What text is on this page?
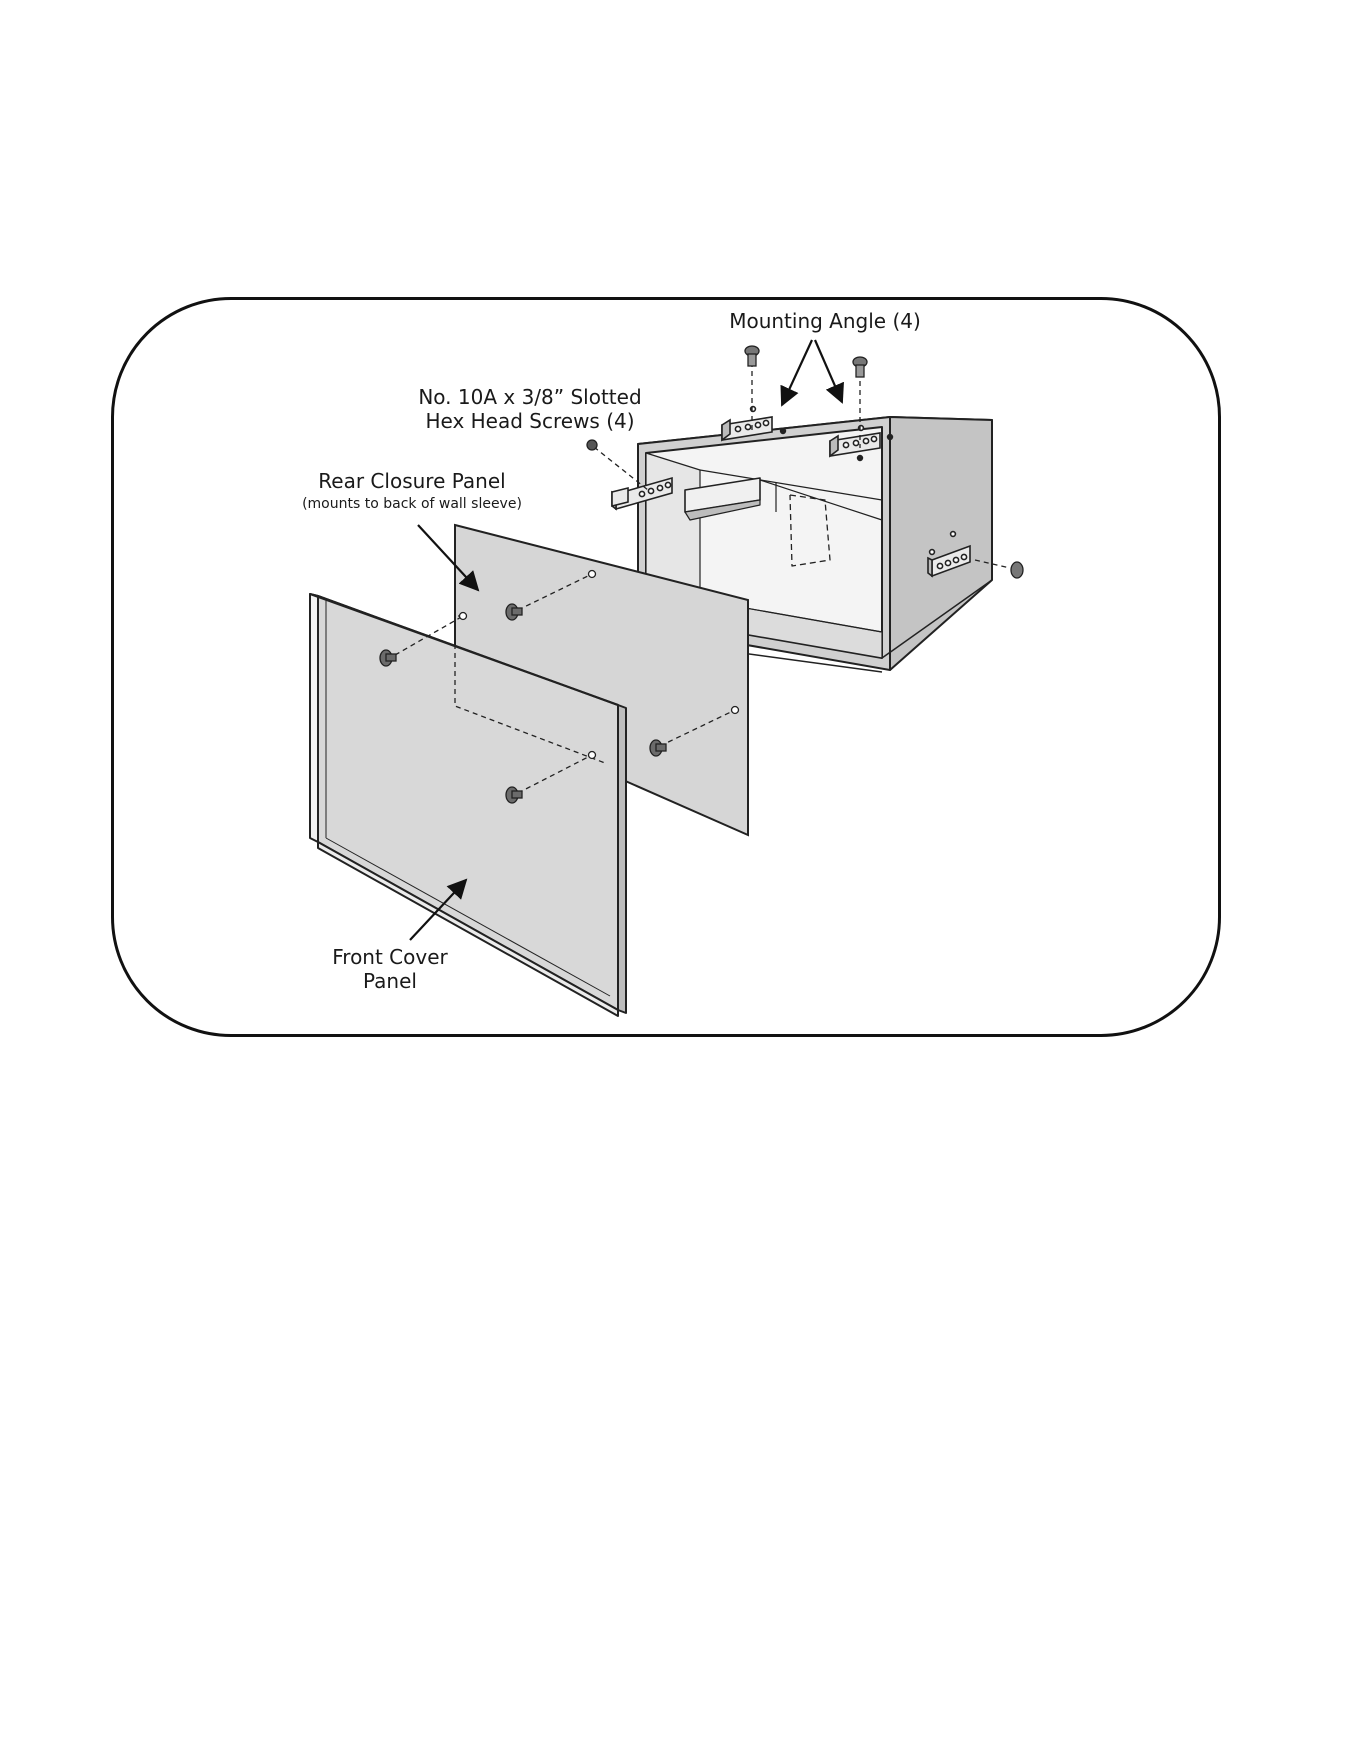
Mounting Angle (4)
No. 10A x 3/8” Slotted
Hex Head Screws (4)
Rear Closure Panel
(mounts to back of wall sleeve)
Front Cover
Panel
